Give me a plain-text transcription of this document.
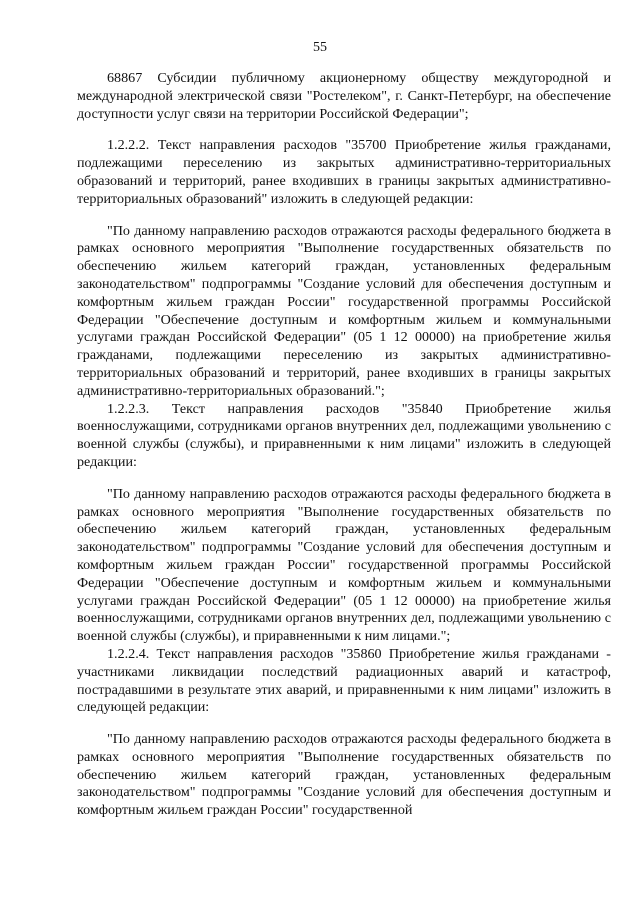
55

68867 Субсидии публичному акционерному обществу междугородной и международной электрической связи "Ростелеком", г. Санкт-Петербург, на обеспечение доступности услуг связи на территории Российской Федерации";

1.2.2.2. Текст направления расходов "35700 Приобретение жилья гражданами, подлежащими переселению из закрытых административно-территориальных образований и территорий, ранее входивших в границы закрытых административно-территориальных образований" изложить в следующей редакции:

"По данному направлению расходов отражаются расходы федерального бюджета в рамках основного мероприятия "Выполнение государственных обязательств по обеспечению жильем категорий граждан, установленных федеральным законодательством" подпрограммы "Создание условий для обеспечения доступным и комфортным жильем граждан России" государственной программы Российской Федерации "Обеспечение доступным и комфортным жильем и коммунальными услугами граждан Российской Федерации" (05 1 12 00000) на приобретение жилья гражданами, подлежащими переселению из закрытых административно-территориальных образований и территорий, ранее входивших в границы закрытых административно-территориальных образований.";

1.2.2.3. Текст направления расходов "35840 Приобретение жилья военнослужащими, сотрудниками органов внутренних дел, подлежащими увольнению с военной службы (службы), и приравненными к ним лицами" изложить в следующей редакции:

"По данному направлению расходов отражаются расходы федерального бюджета в рамках основного мероприятия "Выполнение государственных обязательств по обеспечению жильем категорий граждан, установленных федеральным законодательством" подпрограммы "Создание условий для обеспечения доступным и комфортным жильем граждан России" государственной программы Российской Федерации "Обеспечение доступным и комфортным жильем и коммунальными услугами граждан Российской Федерации" (05 1 12 00000) на приобретение жилья военнослужащими, сотрудниками органов внутренних дел, подлежащими увольнению с военной службы (службы), и приравненными к ним лицами.";

1.2.2.4. Текст направления расходов "35860 Приобретение жилья гражданами - участниками ликвидации последствий радиационных аварий и катастроф, пострадавшими в результате этих аварий, и приравненными к ним лицами" изложить в следующей редакции:

"По данному направлению расходов отражаются расходы федерального бюджета в рамках основного мероприятия "Выполнение государственных обязательств по обеспечению жильем категорий граждан, установленных федеральным законодательством" подпрограммы "Создание условий для обеспечения доступным и комфортным жильем граждан России" государственной
